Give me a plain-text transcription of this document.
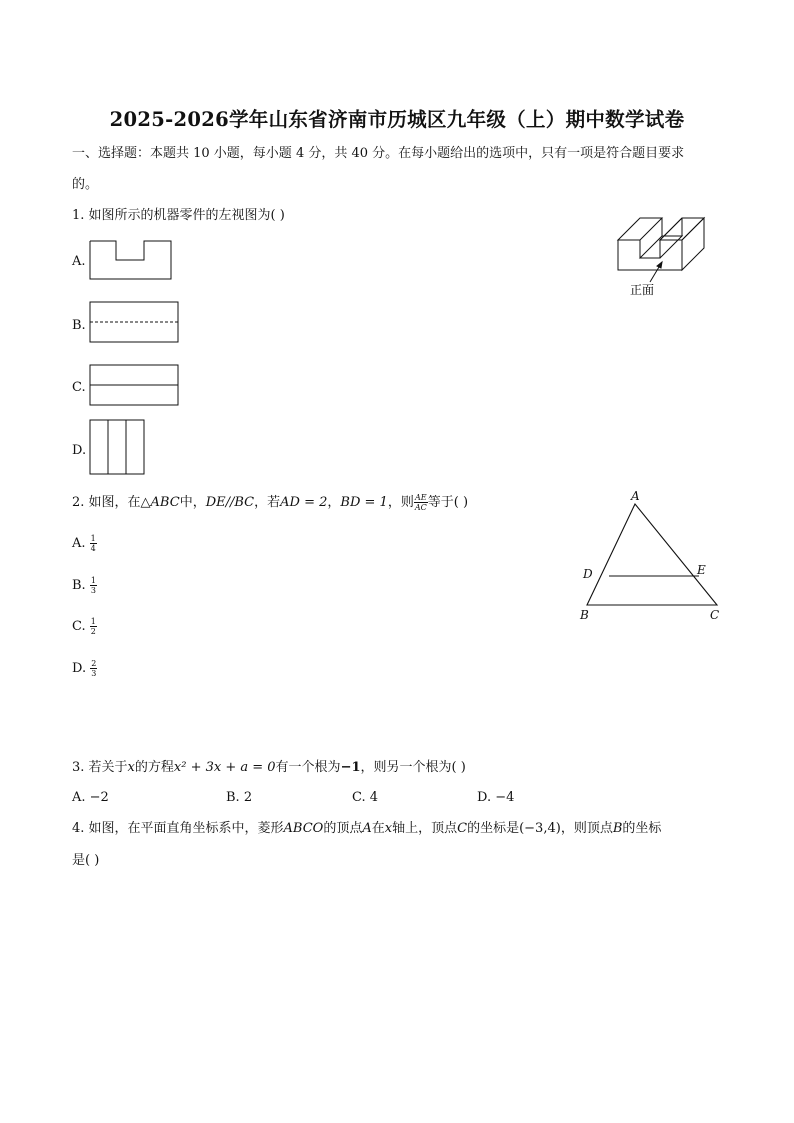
2025-2026学年山东省济南市历城区九年级（上）期中数学试卷
一、选择题：本题共 10 小题，每小题 4 分，共 40 分。在每小题给出的选项中，只有一项是符合题目要求
的。
1. 如图所示的机器零件的左视图为( )
正面
A.
B.
C.
D.
2. 如图，在△ABC中，DE//BC，若AD = 2，BD = 1，则 $\frac{AE}{AC}$ 等于( )	A
D	E
B	C
A. $\frac{1}{4}$
B. $\frac{1}{3}$
C. $\frac{1}{2}$
D. $\frac{2}{3}$
3. 若关于x的方程x² + 3x + a = 0有一个根为−1，则另一个根为( )
A. −2	B. 2	C. 4	D. −4
4. 如图，在平面直角坐标系中，菱形ABCO的顶点A在x轴上，顶点C的坐标是(−3,4)，则顶点B的坐标
是( )
